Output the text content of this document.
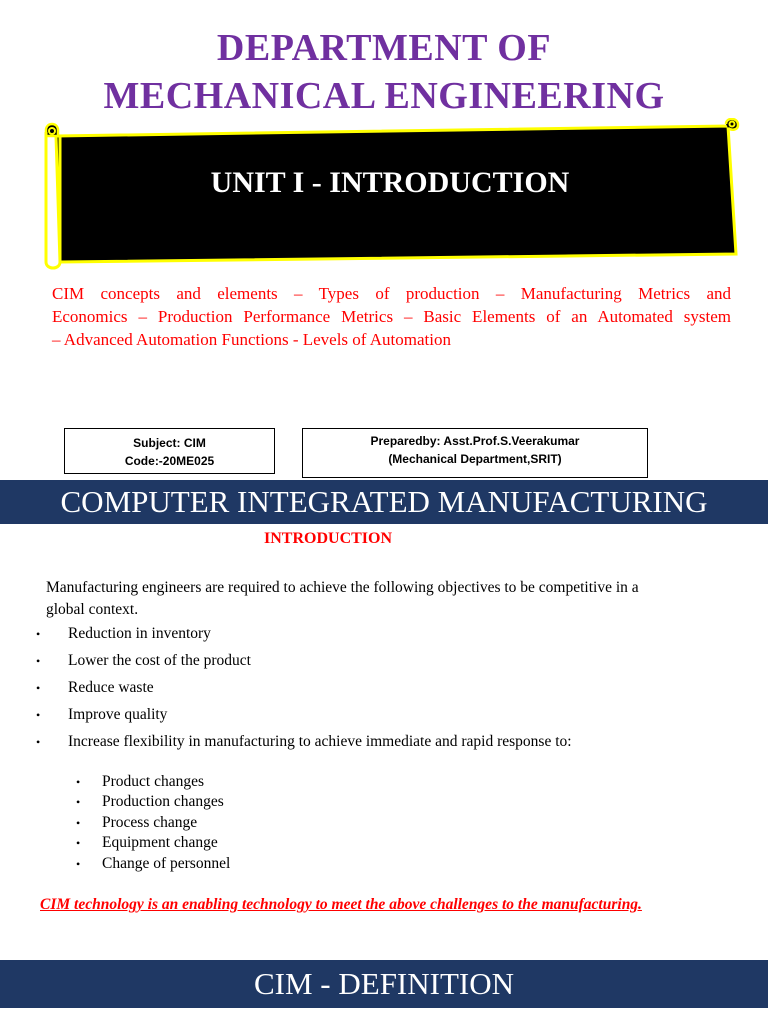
DEPARTMENT OF
MECHANICAL ENGINEERING
UNIT I - INTRODUCTION
CIM concepts and elements – Types of production – Manufacturing Metrics and
Economics – Production Performance Metrics – Basic Elements of an Automated system
– Advanced Automation Functions - Levels of Automation
Subject: CIM
Code:-20ME025
Preparedby: Asst.Prof.S.Veerakumar
(Mechanical Department,SRIT)
COMPUTER INTEGRATED MANUFACTURING
INTRODUCTION
Manufacturing engineers are required to achieve the following objectives to be competitive in a
global context.
• Reduction in inventory
• Lower the cost of the product
• Reduce waste
• Improve quality
• Increase flexibility in manufacturing to achieve immediate and rapid response to:
• Product changes
• Production changes
• Process change
• Equipment change
• Change of personnel
CIM technology is an enabling technology to meet the above challenges to the manufacturing.
CIM - DEFINITION
